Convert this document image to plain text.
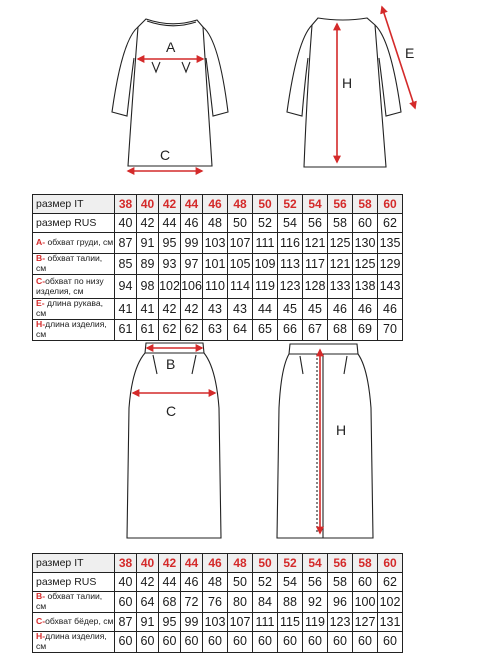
A
C
H
E
размер IT	38	40	42	44	46	48	50	52	54	56	58	60
размер RUS	40	42	44	46	48	50	52	54	56	58	60	62
A- обхват груди, см	87	91	95	99	103	107	111	116	121	125	130	135
B- обхват талии, см	85	89	93	97	101	105	109	113	117	121	125	129
C-обхват по низу изделия, см	94	98	102	106	110	114	119	123	128	133	138	143
E- длина рукава, см	41	41	42	42	43	43	44	45	45	46	46	46
H-длина изделия, см	61	61	62	62	63	64	65	66	67	68	69	70
B
C
H
размер IT	38	40	42	44	46	48	50	52	54	56	58	60
размер RUS	40	42	44	46	48	50	52	54	56	58	60	62
B- обхват талии, см	60	64	68	72	76	80	84	88	92	96	100	102
C-обхват бёдер, см	87	91	95	99	103	107	111	115	119	123	127	131
H-длина изделия, см	60	60	60	60	60	60	60	60	60	60	60	60
